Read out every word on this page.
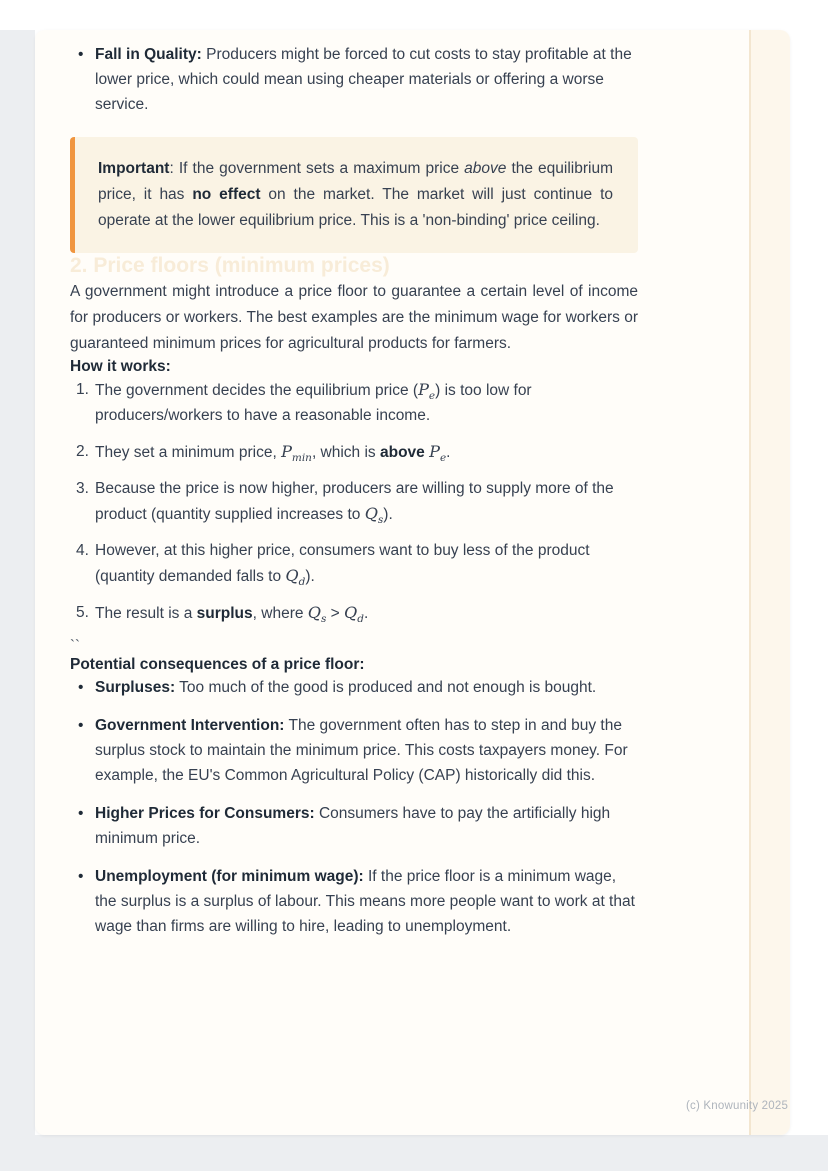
• Fall in Quality: Producers might be forced to cut costs to stay profitable at the lower price, which could mean using cheaper materials or offering a worse service.

Important: If the government sets a maximum price above the equilibrium price, it has no effect on the market. The market will just continue to operate at the lower equilibrium price. This is a 'non-binding' price ceiling.

2. Price floors (minimum prices)

A government might introduce a price floor to guarantee a certain level of income for producers or workers. The best examples are the minimum wage for workers or guaranteed minimum prices for agricultural products for farmers.

How it works:
1. The government decides the equilibrium price $(P_e)$ is too low for producers/workers to have a reasonable income.
2. They set a minimum price, $P_{min}$, which is above $P_e$.
3. Because the price is now higher, producers are willing to supply more of the product (quantity supplied increases to $Q_s$).
4. However, at this higher price, consumers want to buy less of the product (quantity demanded falls to $Q_d$).
5. The result is a surplus, where $Q_s > Q_d$.

``

Potential consequences of a price floor:
• Surpluses: Too much of the good is produced and not enough is bought.
• Government Intervention: The government often has to step in and buy the surplus stock to maintain the minimum price. This costs taxpayers money. For example, the EU's Common Agricultural Policy (CAP) historically did this.
• Higher Prices for Consumers: Consumers have to pay the artificially high minimum price.
• Unemployment (for minimum wage): If the price floor is a minimum wage, the surplus is a surplus of labour. This means more people want to work at that wage than firms are willing to hire, leading to unemployment.
(c) Knowunity 2025
